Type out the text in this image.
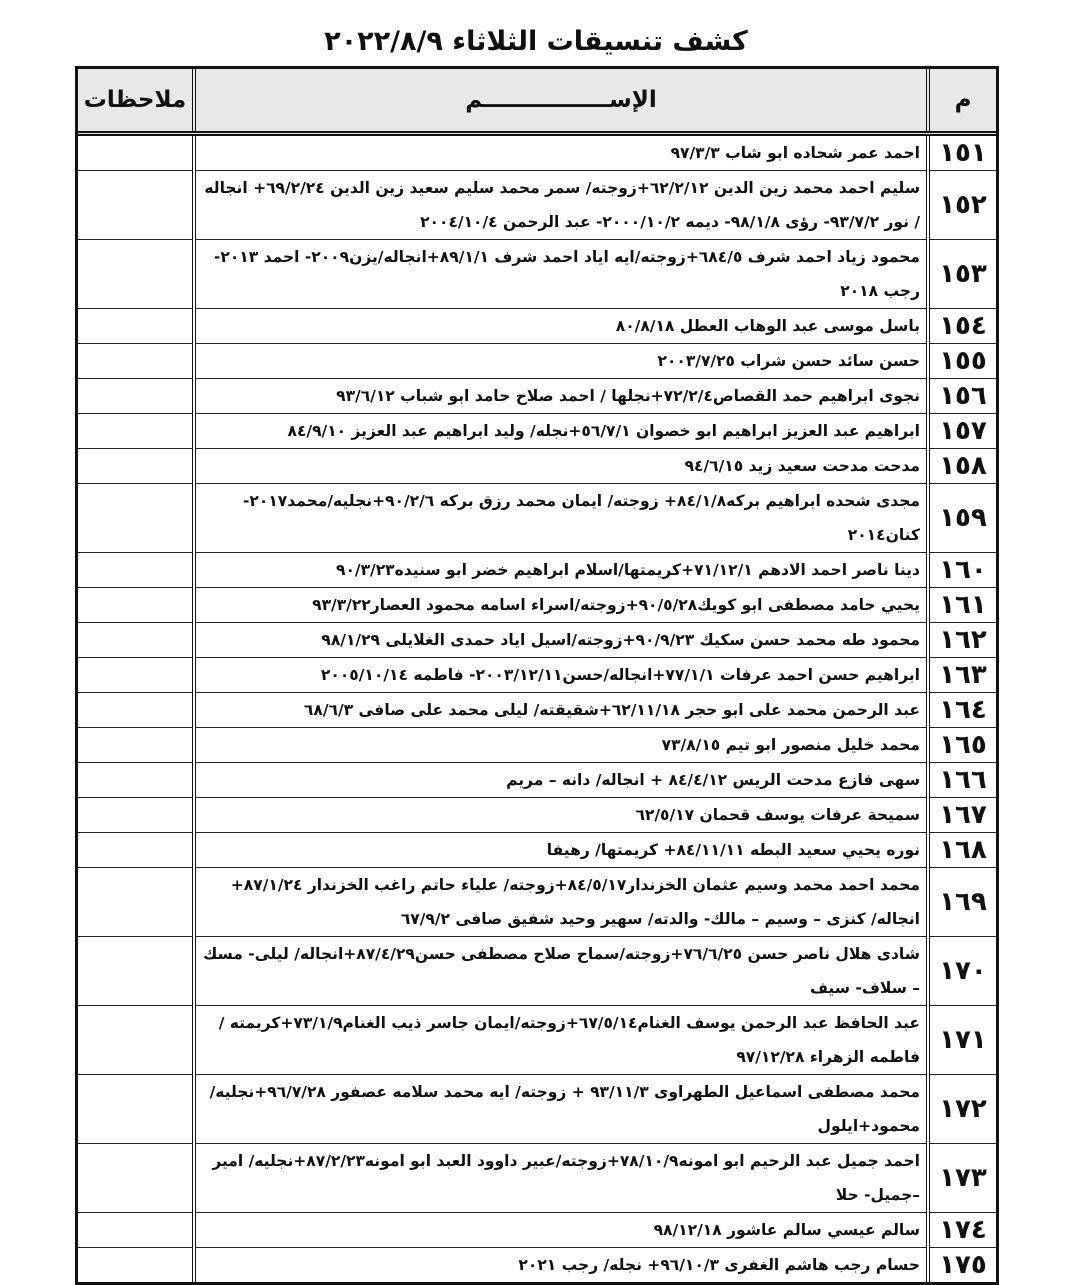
كشف تنسيقات الثلاثاء ٢٠٢٢/٨/٩
م	الإســــــــــــــــم	ملاحظات
١٥١	احمد عمر شحاده ابو شاب ٩٧/٣/٣	
١٥٢	سليم احمد محمد زين الدين ٦٢/٢/١٢+زوجته/ سمر محمد سليم سعيد زين الدين ٦٩/٢/٢٤+ انجاله / نور ٩٣/٧/٢- رؤى ٩٨/١/٨- ديمه ٢٠٠٠/١٠/٢- عبد الرحمن ٢٠٠٤/١٠/٤	
١٥٣	محمود زياد احمد شرف ٦٨٤/٥+زوجته/ايه اياد احمد شرف ٨٩/١/١+انجاله/يزن٢٠٠٩- احمد ٢٠١٣- رجب ٢٠١٨	
١٥٤	باسل موسى عبد الوهاب العطل ٨٠/٨/١٨	
١٥٥	حسن سائد حسن شراب ٢٠٠٣/٧/٢٥	
١٥٦	نجوى ابراهيم حمد القصاص٧٢/٢/٤+نجلها / احمد صلاح حامد ابو شباب ٩٣/٦/١٢	
١٥٧	ابراهيم عبد العزيز ابراهيم ابو خصوان ٥٦/٧/١+نجله/ وليد ابراهيم عبد العزيز ٨٤/٩/١٠	
١٥٨	مدحت مدحت سعيد زيد ٩٤/٦/١٥	
١٥٩	مجدى شحده ابراهيم بركه٨٤/١/٨+ زوجته/ ايمان محمد رزق بركه ٩٠/٢/٦+نجليه/محمد٢٠١٧- كنان٢٠١٤	
١٦٠	دينا ناصر احمد الادهم ٧١/١٢/١+كريمتها/اسلام ابراهيم خضر ابو سنيده٩٠/٣/٢٣	
١٦١	يحيي حامد مصطفى ابو كويك٩٠/٥/٢٨+زوجته/اسراء اسامه محمود العصار٩٣/٣/٢٢	
١٦٢	محمود طه محمد حسن سكيك ٩٠/٩/٢٣+زوجته/اسيل اياد حمدى الغلايلى ٩٨/١/٢٩	
١٦٣	ابراهيم حسن احمد عرفات ٧٧/١/١+انجاله/حسن٢٠٠٣/١٢/١١- فاطمه ٢٠٠٥/١٠/١٤	
١٦٤	عبد الرحمن محمد على ابو حجر ٦٢/١١/١٨+شقيقته/ ليلى محمد على صافى ٦٨/٦/٣	
١٦٥	محمد خليل منصور ابو تيم ٧٣/٨/١٥	
١٦٦	سهى فازع مدحت الريس ٨٤/٤/١٢ + انجاله/ دانه – مريم	
١٦٧	سميحة عرفات يوسف قحمان ٦٢/٥/١٧	
١٦٨	نوره يحيي سعيد البطه ٨٤/١١/١١+ كريمتها/ رهيفا	
١٦٩	محمد احمد محمد وسيم عثمان الخزندار٨٤/٥/١٧+زوجته/ علياء حاتم راغب الخزندار ٨٧/١/٢٤+ انجاله/ كنزى – وسيم – مالك- والدته/ سهير وحيد شفيق صافى ٦٧/٩/٢	
١٧٠	شادى هلال ناصر حسن ٧٦/٦/٢٥+زوجته/سماح صلاح مصطفى حسن٨٧/٤/٢٩+انجاله/ ليلى- مسك – سلاف- سيف	
١٧١	عبد الحافظ عبد الرحمن يوسف الغنام٦٧/٥/١٤+زوجته/ايمان جاسر ذيب الغنام٧٣/١/٩+كريمته / فاطمه الزهراء ٩٧/١٢/٢٨	
١٧٢	محمد مصطفى اسماعيل الطهراوى ٩٣/١١/٣ + زوجته/ ايه محمد سلامه عصفور ٩٦/٧/٢٨+نجليه/محمود+ايلول	
١٧٣	احمد جميل عبد الرحيم ابو امونه٧٨/١٠/٩+زوجته/عبير داوود العبد ابو امونه٨٧/٢/٢٣+نجليه/ امير –جميل- حلا	
١٧٤	سالم عيسي سالم عاشور ٩٨/١٢/١٨	
١٧٥	حسام رجب هاشم الغفرى ٩٦/١٠/٣+ نجله/ رجب ٢٠٢١	
